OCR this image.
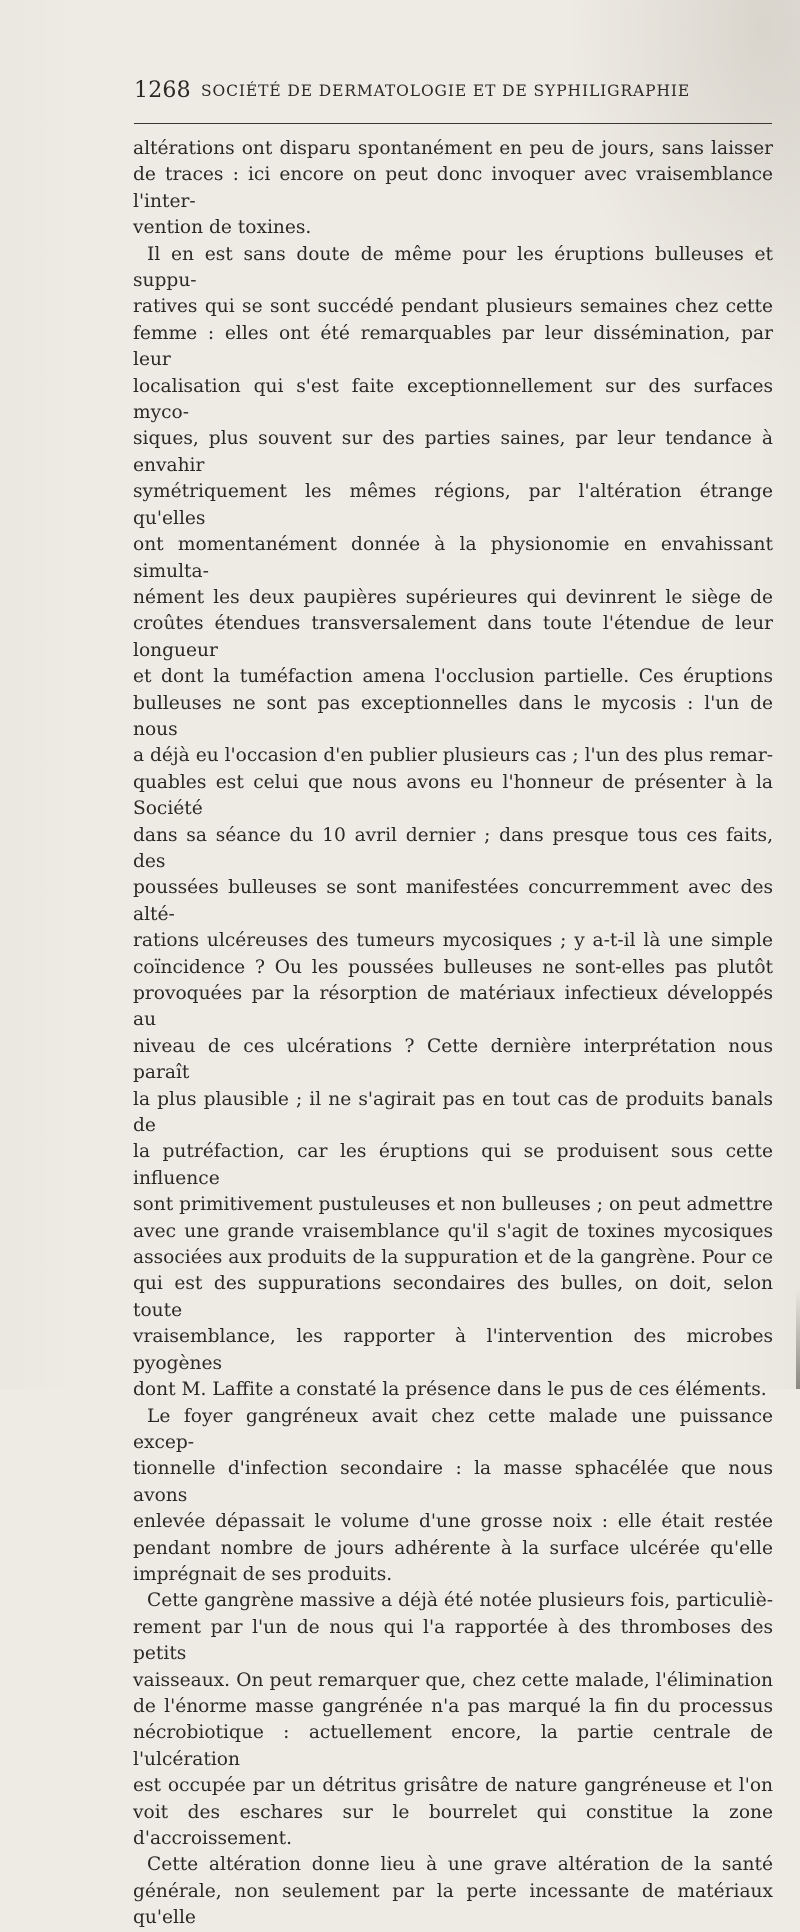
1268 SOCIÉTÉ DE DERMATOLOGIE ET DE SYPHILIGRAPHIE

altérations ont disparu spontanément en peu de jours, sans laisser

de traces : ici encore on peut donc invoquer avec vraisemblance l'inter-

vention de toxines.

Il en est sans doute de même pour les éruptions bulleuses et suppu-

ratives qui se sont succédé pendant plusieurs semaines chez cette

femme : elles ont été remarquables par leur dissémination, par leur

localisation qui s'est faite exceptionnellement sur des surfaces myco-

siques, plus souvent sur des parties saines, par leur tendance à envahir

symétriquement les mêmes régions, par l'altération étrange qu'elles

ont momentanément donnée à la physionomie en envahissant simulta-

nément les deux paupières supérieures qui devinrent le siège de

croûtes étendues transversalement dans toute l'étendue de leur longueur

et dont la tuméfaction amena l'occlusion partielle. Ces éruptions

bulleuses ne sont pas exceptionnelles dans le mycosis : l'un de nous

a déjà eu l'occasion d'en publier plusieurs cas ; l'un des plus remar-

quables est celui que nous avons eu l'honneur de présenter à la Société

dans sa séance du 10 avril dernier ; dans presque tous ces faits, des

poussées bulleuses se sont manifestées concurremment avec des alté-

rations ulcéreuses des tumeurs mycosiques ; y a-t-il là une simple

coïncidence ? Ou les poussées bulleuses ne sont-elles pas plutôt

provoquées par la résorption de matériaux infectieux développés au

niveau de ces ulcérations ? Cette dernière interprétation nous paraît

la plus plausible ; il ne s'agirait pas en tout cas de produits banals de

la putréfaction, car les éruptions qui se produisent sous cette influence

sont primitivement pustuleuses et non bulleuses ; on peut admettre

avec une grande vraisemblance qu'il s'agit de toxines mycosiques

associées aux produits de la suppuration et de la gangrène. Pour ce

qui est des suppurations secondaires des bulles, on doit, selon toute

vraisemblance, les rapporter à l'intervention des microbes pyogènes

dont M. Laffite a constaté la présence dans le pus de ces éléments.

Le foyer gangréneux avait chez cette malade une puissance excep-

tionnelle d'infection secondaire : la masse sphacélée que nous avons

enlevée dépassait le volume d'une grosse noix : elle était restée

pendant nombre de jours adhérente à la surface ulcérée qu'elle

imprégnait de ses produits.

Cette gangrène massive a déjà été notée plusieurs fois, particuliè-

rement par l'un de nous qui l'a rapportée à des thromboses des petits

vaisseaux. On peut remarquer que, chez cette malade, l'élimination

de l'énorme masse gangrénée n'a pas marqué la fin du processus

nécrobiotique : actuellement encore, la partie centrale de l'ulcération

est occupée par un détritus grisâtre de nature gangréneuse et l'on

voit des eschares sur le bourrelet qui constitue la zone d'accroissement.

Cette altération donne lieu à une grave altération de la santé

générale, non seulement par la perte incessante de matériaux qu'elle
